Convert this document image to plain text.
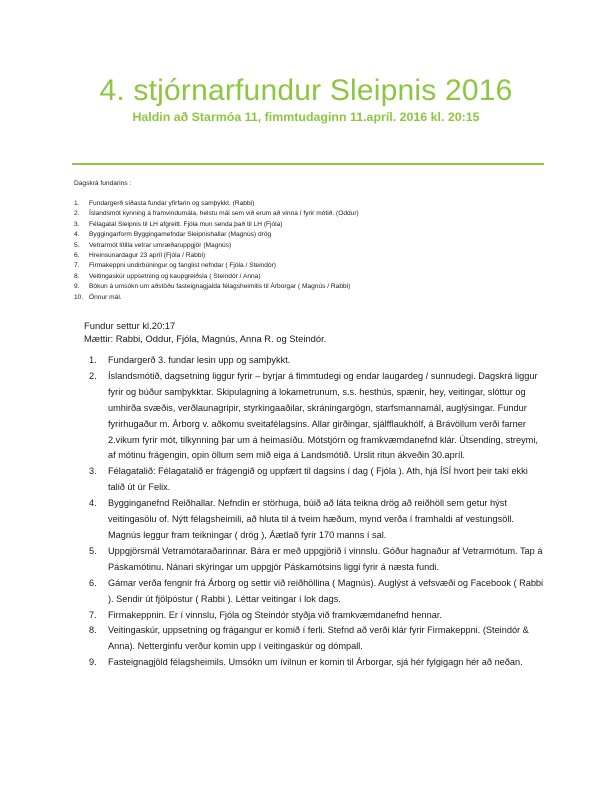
4. stjórnarfundur Sleipnis 2016
Haldin að Starmóa 11, fimmtudaginn 11.apríl. 2016 kl. 20:15
Dagskrá fundarins :
1. Fundargerð síðasta fundar yfirfarin og samþykkt. (Rabbi)
2. Íslandsmót kynning á framvindumála, helstu mál sem við erum að vinna í fyrir mótið. (Oddur)
3. Félagatal Sleipnis til LH afgreitt. Fjóla mun senda það til LH (Fjóla)
4. Byggingarform Byggingamefndar Sleipnishallar (Magnús) drög
5. Vetrarmót lítilla vetrar umræða/uppgjör (Magnús)
6. Hreinsunardagur 23 apríl (Fjóla / Rabbi)
7. Firmakeppni undirbúningur og fanglist nefndar ( Fjóla / Steindór)
8. Veitingaskúr uppsetning og kaupgreiðsla ( Steindór / Anna)
9. Bókun á umsókn um aðstöðu fasteignagjalda félagsheimilis til Árborgar ( Magnús / Rabbi)
10. Önnur mál.
Fundur settur kl.20:17
Mættir: Rabbi, Oddur, Fjóla, Magnús, Anna R. og Steindór.
1. Fundargerð 3. fundar lesin upp og samþykkt.
2. Íslandsmótið, dagsetning liggur fyrir – byrjar á fimmtudegi og endar laugardeg / sunnudegi. Dagskrá liggur fyrir og búður samþykktar. Skipulagning á lokametrunum, s.s. hesthús, spænir, hey, veitingar, slóttur og umhirða svæðis, verðlaunagripir, styrkingaaðilar, skráningargögn, starfsmannamál, auglýsingar. Fundur fyrirhugaður m. Árborg v. aðkomu sveitafélagsins. Allar girðingar, sjálfflaukhólf, á Brávöllum verði farner 2.vikum fyrir mót, tilkynning þar um á heimasíðu. Mótstjórn og framkvæmdanefnd klár. Útsending, streymi, af mótinu frágengin, opin öllum sem mið eiga á Landsmótið. Urslit ritun ákveðin 30.apríl.
3. Félagatalið: Félagatalið er frágengið og uppfært til dagsins í dag ( Fjóla ). Ath, hjá ÍSÍ hvort þeir taki ekki talið út úr Felix.
4. Bygginganefnd Reiðhallar. Nefndin er störhuga, búið að láta teikna drög að reiðhöll sem getur hýst veitingasölu of. Nýtt félagsheimili, að hluta til á tveim hæðum, mynd verða í framhaldi af vestungsöll. Magnús leggur fram teikningar ( drög ), Áætlað fyrir 170 manns í sal.
5. Uppgjörsmál Vetramótaraðarinnar. Bára er með uppgjörið í vinnslu. Góður hagnaður af Vetrarmótum. Tap á Páskamótinu. Nánari skýringar um uppgjör Páskamótsins liggi fyrir á næsta fundi.
6. Gámar verða fengnir frá Árborg og settir við reiðhöllina ( Magnús). Auglýst á vefsvæði og Facebook ( Rabbi ). Sendir út fjölpóstur ( Rabbi ). Léttar veitingar í lok dags.
7. Firmakeppnin. Er í vinnslu, Fjóla og Steindór styðja við framkvæmdanefnd hennar.
8. Veitingaskúr, uppsetning og frágangur er komið í ferli. Stefnd að verði klár fyrir Firmakeppni. (Steindór & Anna). Netterginfu verður komin upp í veitingaskúr og dómpall.
9. Fasteignagjöld félagsheimils. Umsókn um ívilnun er komin til Árborgar, sjá hér fylgigagn hér að neðan.
